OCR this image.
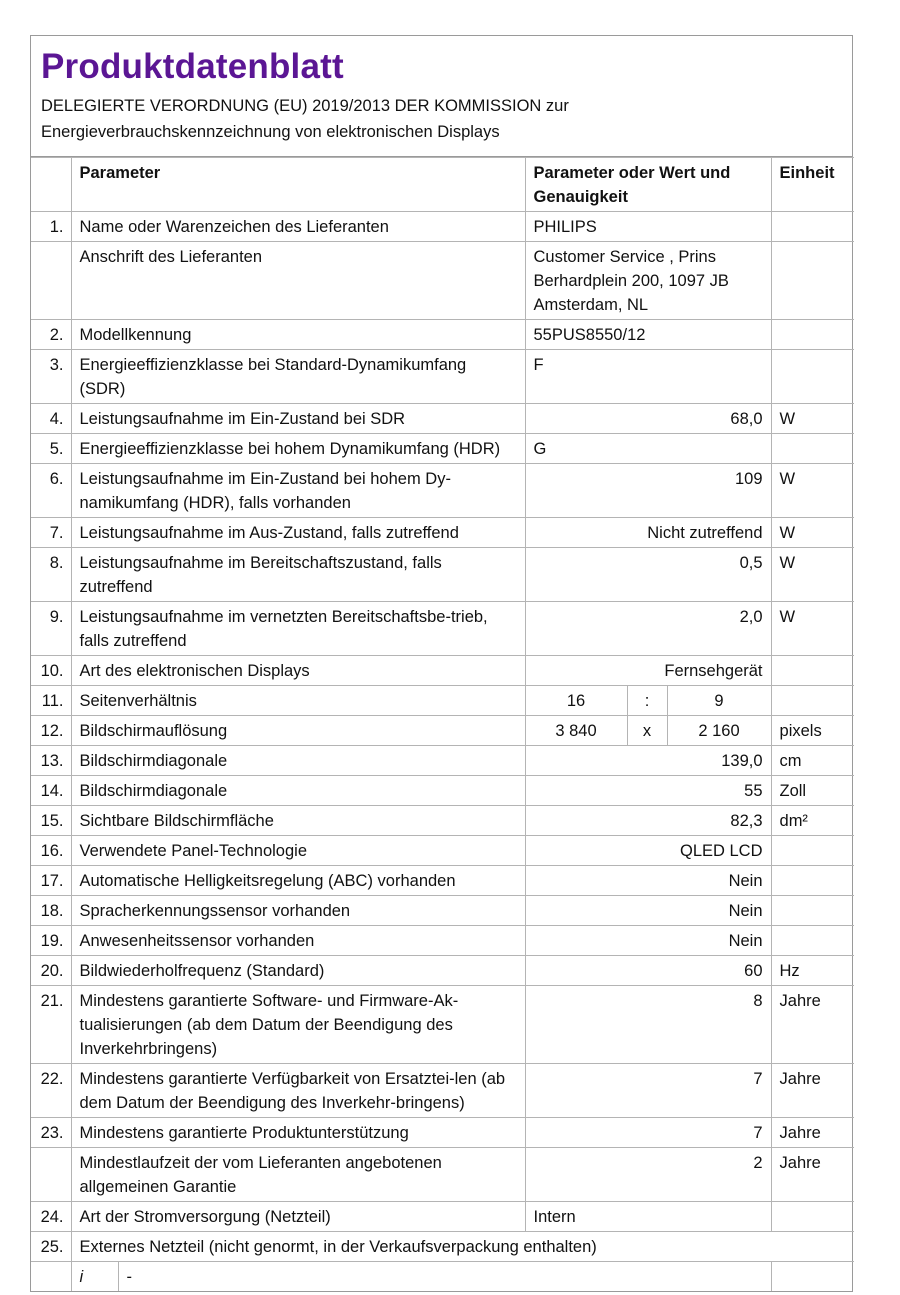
Produktdatenblatt
DELEGIERTE VERORDNUNG (EU) 2019/2013 DER KOMMISSION zur
Energieverbrauchskennzeichnung von elektronischen Displays
	Parameter	Parameter oder Wert und Genauigkeit			Einheit
1.	Name oder Warenzeichen des Lieferanten	PHILIPS			
	Anschrift des Lieferanten	Customer Service , Prins Berhardplein 200, 1097 JB Amsterdam, NL			
2.	Modellkennung	55PUS8550/12			
3.	Energieeffizienzklasse bei Standard-Dynamikumfang (SDR)	F			
4.	Leistungsaufnahme im Ein-Zustand bei SDR	68,0			W
5.	Energieeffizienzklasse bei hohem Dynamikumfang (HDR)	G			
6.	Leistungsaufnahme im Ein-Zustand bei hohem Dy-namikumfang (HDR), falls vorhanden	109			W
7.	Leistungsaufnahme im Aus-Zustand, falls zutreffend	Nicht zutreffend			W
8.	Leistungsaufnahme im Bereitschaftszustand, falls zutreffend	0,5			W
9.	Leistungsaufnahme im vernetzten Bereitschaftsbe-trieb, falls zutreffend	2,0			W
10.	Art des elektronischen Displays	Fernsehgerät			
11.	Seitenverhältnis	16	:	9	
12.	Bildschirmauflösung	3 840	x	2 160	pixels
13.	Bildschirmdiagonale	139,0			cm
14.	Bildschirmdiagonale	55			Zoll
15.	Sichtbare Bildschirmfläche	82,3			dm²
16.	Verwendete Panel-Technologie	QLED LCD			
17.	Automatische Helligkeitsregelung (ABC) vorhanden	Nein			
18.	Spracherkennungssensor vorhanden	Nein			
19.	Anwesenheitssensor vorhanden	Nein			
20.	Bildwiederholfrequenz (Standard)	60			Hz
21.	Mindestens garantierte Software- und Firmware-Ak-tualisierungen (ab dem Datum der Beendigung des Inverkehrbringens)	8			Jahre
22.	Mindestens garantierte Verfügbarkeit von Ersatztei-len (ab dem Datum der Beendigung des Inverkehr-bringens)	7			Jahre
23.	Mindestens garantierte Produktunterstützung	7			Jahre
	Mindestlaufzeit der vom Lieferanten angebotenen allgemeinen Garantie	2			Jahre
24.	Art der Stromversorgung (Netzteil)	Intern			
25.	Externes Netzteil (nicht genormt, in der Verkaufsverpackung enthalten)				

	i -				
